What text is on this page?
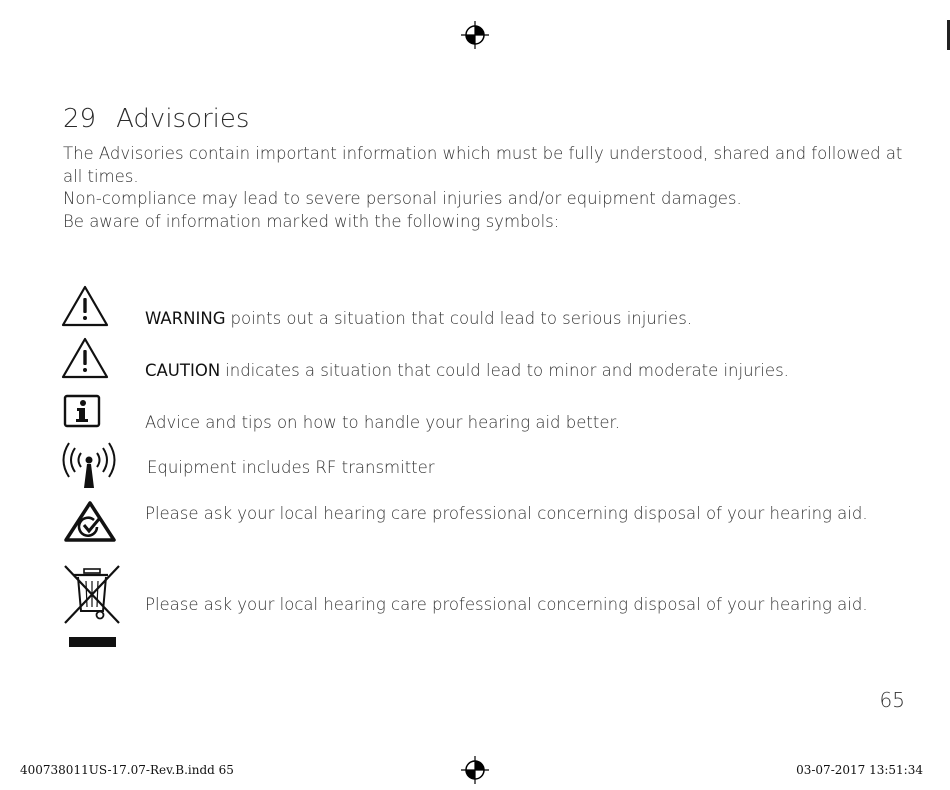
29 Advisories

The Advisories contain important information which must be fully understood, shared and followed at all times.

Non-compliance may lead to severe personal injuries and/or equipment damages.

Be aware of information marked with the following symbols:

WARNING points out a situation that could lead to serious injuries.
CAUTION indicates a situation that could lead to minor and moderate injuries.
Advice and tips on how to handle your hearing aid better.
Equipment includes RF transmitter
Please ask your local hearing care professional concerning disposal of your hearing aid.
Please ask your local hearing care professional concerning disposal of your hearing aid.
65
400738011US-17.07-Rev.B.indd 65	03-07-2017 13:51:34
